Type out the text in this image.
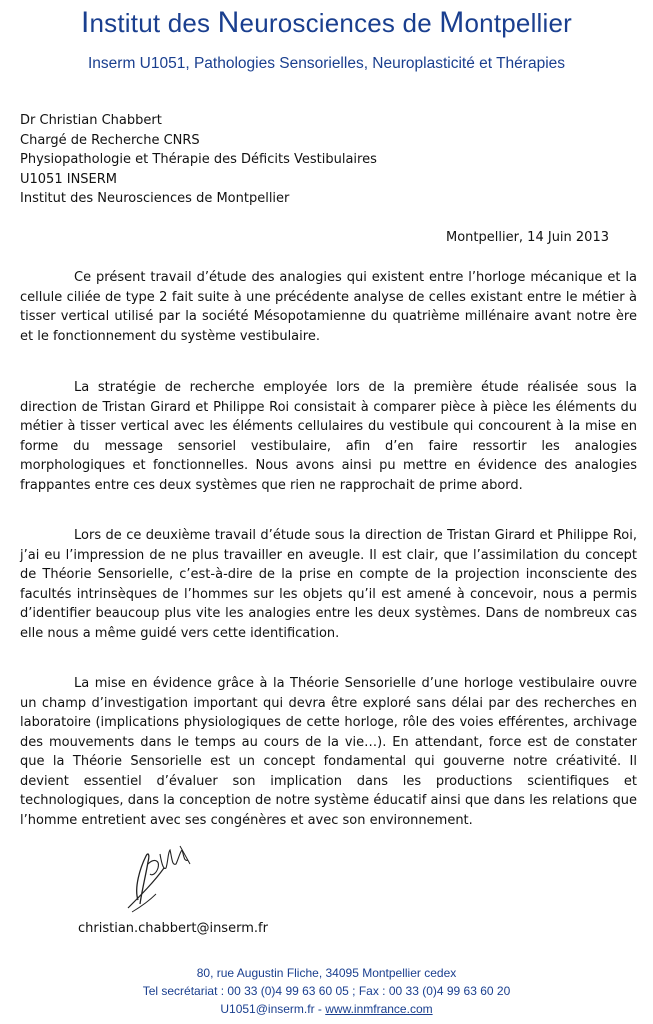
Institut des Neurosciences de Montpellier
Inserm U1051, Pathologies Sensorielles, Neuroplasticité et Thérapies
Dr Christian Chabbert
Chargé de Recherche CNRS
Physiopathologie et Thérapie des Déficits Vestibulaires
U1051 INSERM
Institut des Neurosciences de Montpellier
Montpellier, 14 Juin 2013

Ce présent travail d’étude des analogies qui existent entre l’horloge mécanique et la cellule ciliée de type 2 fait suite à une précédente analyse de celles existant entre le métier à tisser vertical utilisé par la société Mésopotamienne du quatrième millénaire avant notre ère et le fonctionnement du système vestibulaire.

La stratégie de recherche employée lors de la première étude réalisée sous la direction de Tristan Girard et Philippe Roi consistait à comparer pièce à pièce les éléments du métier à tisser vertical avec les éléments cellulaires du vestibule qui concourent à la mise en forme du message sensoriel vestibulaire, afin d’en faire ressortir les analogies morphologiques et fonctionnelles. Nous avons ainsi pu mettre en évidence des analogies frappantes entre ces deux systèmes que rien ne rapprochait de prime abord.

Lors de ce deuxième travail d’étude sous la direction de Tristan Girard et Philippe Roi, j’ai eu l’impression de ne plus travailler en aveugle. Il est clair, que l’assimilation du concept de Théorie Sensorielle, c’est-à-dire de la prise en compte de la projection inconsciente des facultés intrinsèques de l’hommes sur les objets qu’il est amené à concevoir, nous a permis d’identifier beaucoup plus vite les analogies entre les deux systèmes. Dans de nombreux cas elle nous a même guidé vers cette identification.

La mise en évidence grâce à la Théorie Sensorielle d’une horloge vestibulaire ouvre un champ d’investigation important qui devra être exploré sans délai par des recherches en laboratoire (implications physiologiques de cette horloge, rôle des voies efférentes, archivage des mouvements dans le temps au cours de la vie…). En attendant, force est de constater que la Théorie Sensorielle est un concept fondamental qui gouverne notre créativité. Il devient essentiel d’évaluer son implication dans les productions scientifiques et technologiques, dans la conception de notre système éducatif ainsi que dans les relations que l’homme entretient avec ses congénères et avec son environnement.

christian.chabbert@inserm.fr
80, rue Augustin Fliche, 34095 Montpellier cedex
Tel secrétariat : 00 33 (0)4 99 63 60 05 ; Fax : 00 33 (0)4 99 63 60 20
U1051@inserm.fr - www.inmfrance.com
